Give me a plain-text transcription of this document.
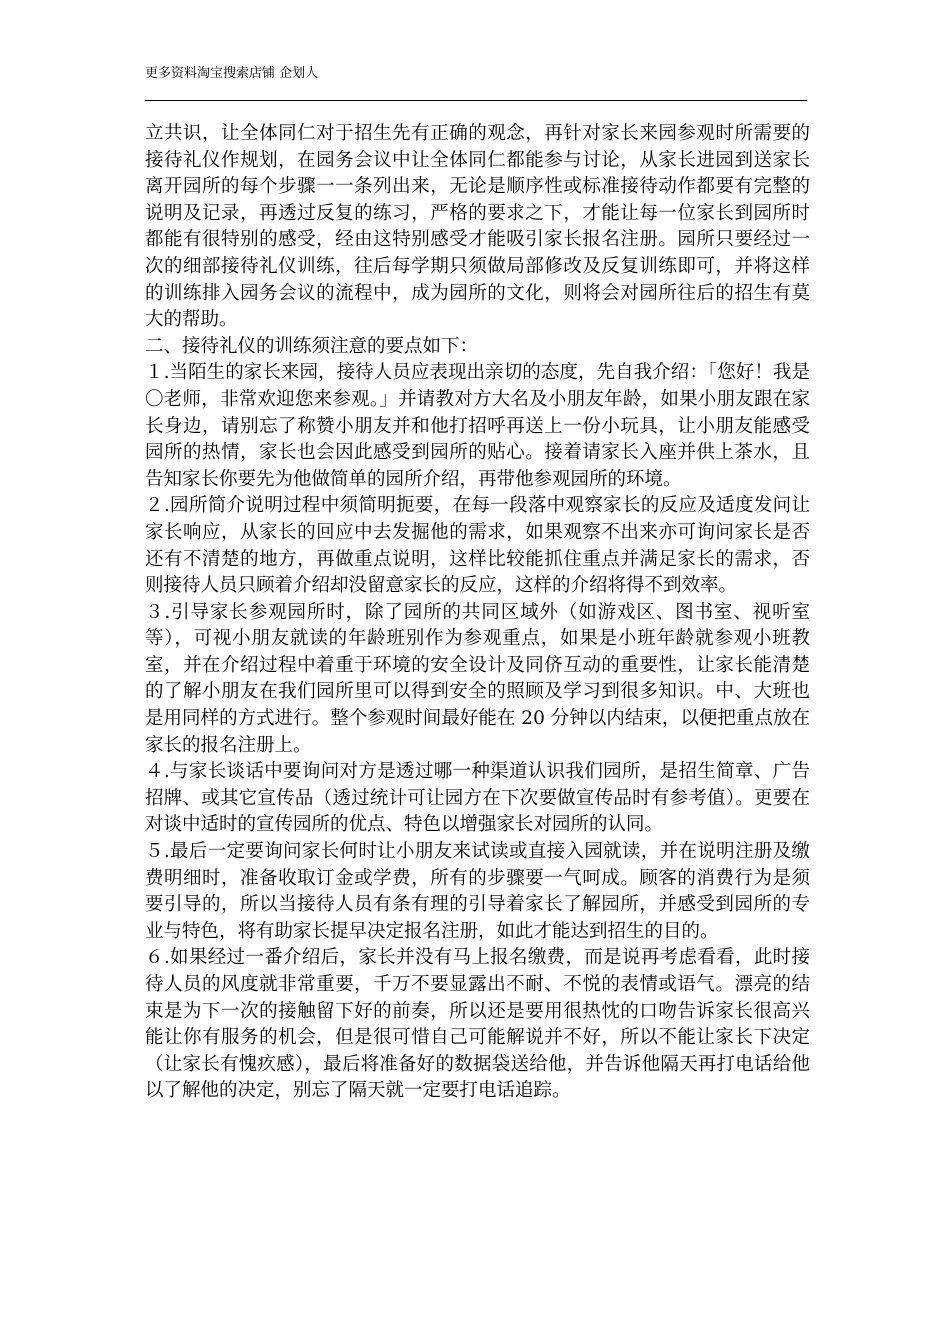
更多资料淘宝搜索店铺 企划人

立共识，让全体同仁对于招生先有正确的观念，再针对家长来园参观时所需要的接待礼仪作规划，在园务会议中让全体同仁都能参与讨论，从家长进园到送家长离开园所的每个步骤一一条列出来，无论是顺序性或标准接待动作都要有完整的说明及记录，再透过反复的练习，严格的要求之下，才能让每一位家长到园所时都能有很特别的感受，经由这特别感受才能吸引家长报名注册。园所只要经过一次的细部接待礼仪训练，往后每学期只须做局部修改及反复训练即可，并将这样的训练排入园务会议的流程中，成为园所的文化，则将会对园所往后的招生有莫大的帮助。

二、接待礼仪的训练须注意的要点如下：

１.当陌生的家长来园，接待人员应表现出亲切的态度，先自我介绍：「您好！我是〇老师，非常欢迎您来参观。」并请教对方大名及小朋友年龄，如果小朋友跟在家长身边，请别忘了称赞小朋友并和他打招呼再送上一份小玩具，让小朋友能感受园所的热情，家长也会因此感受到园所的贴心。接着请家长入座并供上茶水，且告知家长你要先为他做简单的园所介绍，再带他参观园所的环境。

２.园所简介说明过程中须简明扼要，在每一段落中观察家长的反应及适度发问让家长响应，从家长的回应中去发掘他的需求，如果观察不出来亦可询问家长是否还有不清楚的地方，再做重点说明，这样比较能抓住重点并满足家长的需求，否则接待人员只顾着介绍却没留意家长的反应，这样的介绍将得不到效率。

３.引导家长参观园所时，除了园所的共同区域外（如游戏区、图书室、视听室等），可视小朋友就读的年龄班别作为参观重点，如果是小班年龄就参观小班教室，并在介绍过程中着重于环境的安全设计及同侪互动的重要性，让家长能清楚的了解小朋友在我们园所里可以得到安全的照顾及学习到很多知识。中、大班也是用同样的方式进行。整个参观时间最好能在 20 分钟以内结束，以便把重点放在家长的报名注册上。

４.与家长谈话中要询问对方是透过哪一种渠道认识我们园所，是招生简章、广告招牌、或其它宣传品（透过统计可让园方在下次要做宣传品时有参考值）。更要在对谈中适时的宣传园所的优点、特色以增强家长对园所的认同。

５.最后一定要询问家长何时让小朋友来试读或直接入园就读，并在说明注册及缴费明细时，准备收取订金或学费，所有的步骤要一气呵成。顾客的消费行为是须要引导的，所以当接待人员有条有理的引导着家长了解园所，并感受到园所的专业与特色，将有助家长提早决定报名注册，如此才能达到招生的目的。

６.如果经过一番介绍后，家长并没有马上报名缴费，而是说再考虑看看，此时接待人员的风度就非常重要，千万不要显露出不耐、不悦的表情或语气。漂亮的结束是为下一次的接触留下好的前奏，所以还是要用很热忱的口吻告诉家长很高兴能让你有服务的机会，但是很可惜自己可能解说并不好，所以不能让家长下决定（让家长有愧疚感），最后将准备好的数据袋送给他，并告诉他隔天再打电话给他以了解他的决定，别忘了隔天就一定要打电话追踪。
